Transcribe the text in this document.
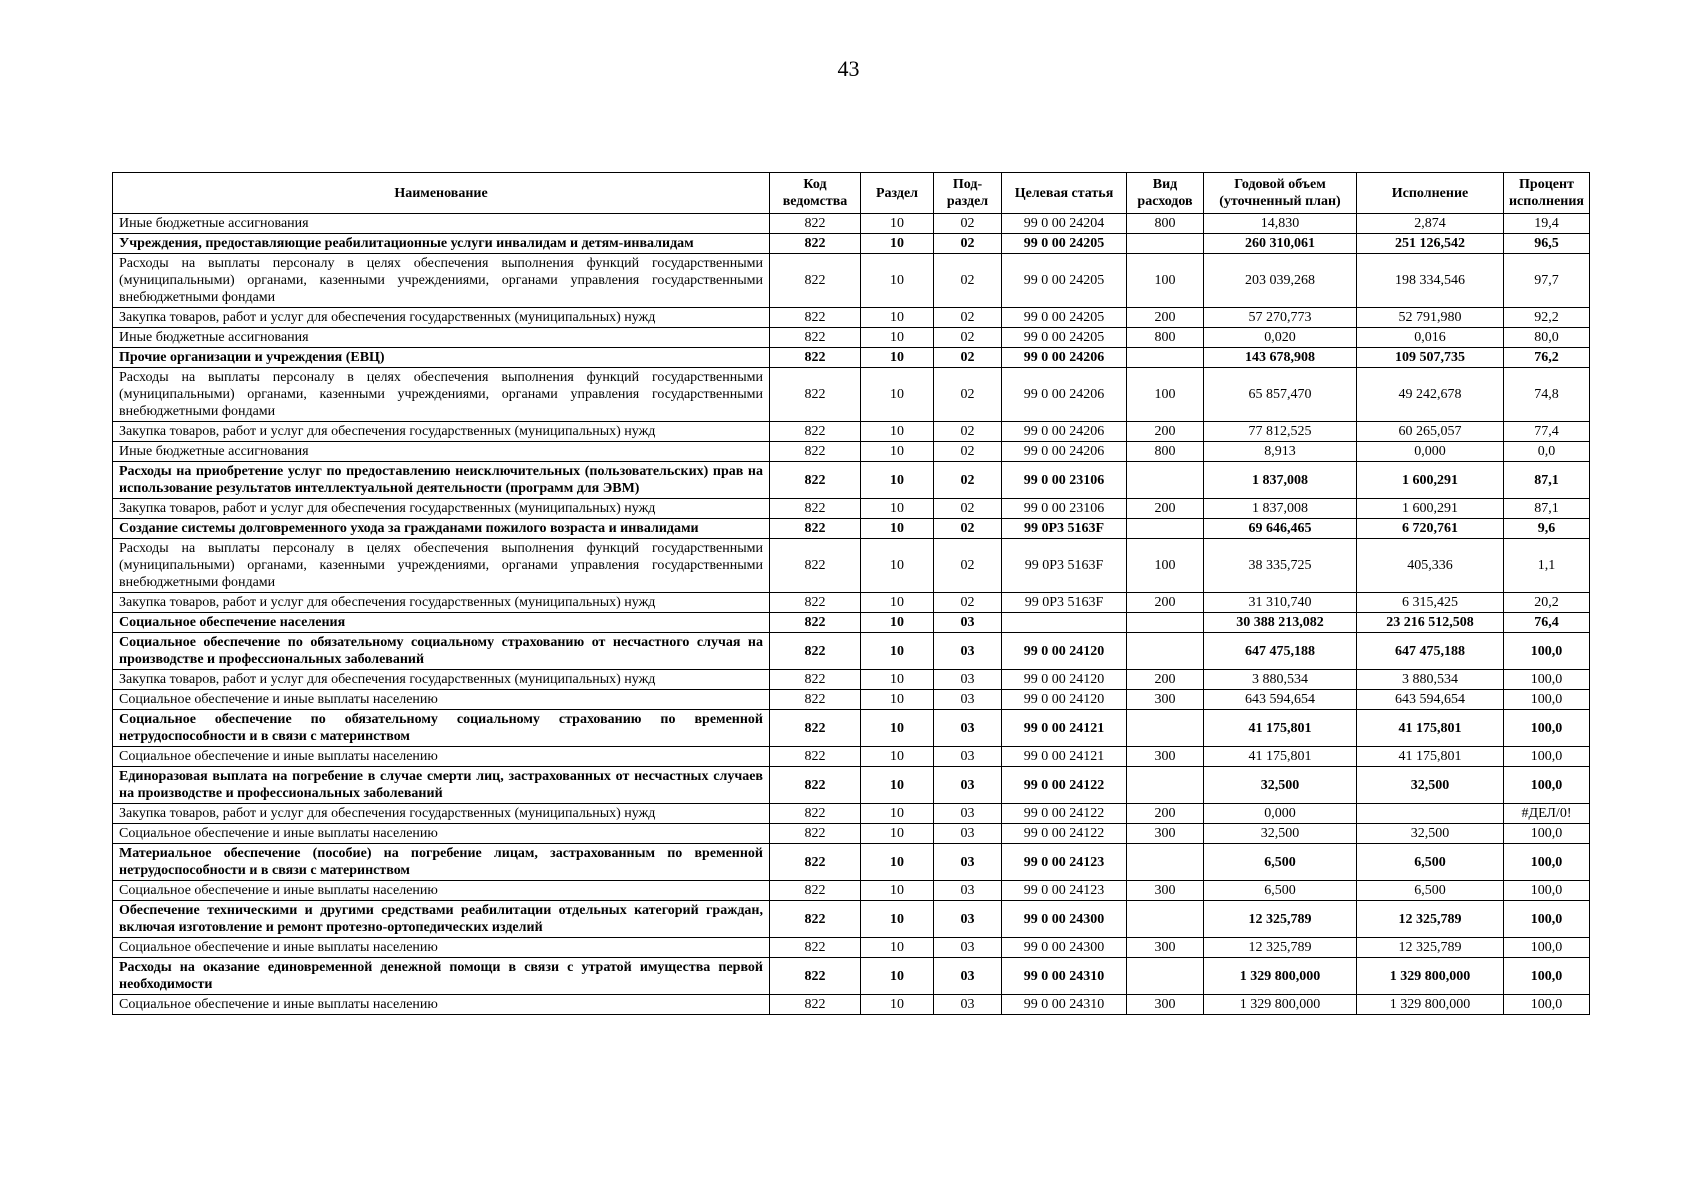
43
Наименование	Код ведомства	Раздел	Под-раздел	Целевая статья	Вид расходов	Годовой объем (уточненный план)	Исполнение	Процент исполнения
Иные бюджетные ассигнования	822	10	02	99 0 00 24204	800	14,830	2,874	19,4
Учреждения, предоставляющие реабилитационные услуги инвалидам и детям-инвалидам	822	10	02	99 0 00 24205		260 310,061	251 126,542	96,5
Расходы на выплаты персоналу в целях обеспечения выполнения функций государственными (муниципальными) органами, казенными учреждениями, органами управления государственными внебюджетными фондами	822	10	02	99 0 00 24205	100	203 039,268	198 334,546	97,7
Закупка товаров, работ и услуг для обеспечения государственных (муниципальных) нужд	822	10	02	99 0 00 24205	200	57 270,773	52 791,980	92,2
Иные бюджетные ассигнования	822	10	02	99 0 00 24205	800	0,020	0,016	80,0
Прочие организации и учреждения (ЕВЦ)	822	10	02	99 0 00 24206		143 678,908	109 507,735	76,2
Расходы на выплаты персоналу в целях обеспечения выполнения функций государственными (муниципальными) органами, казенными учреждениями, органами управления государственными внебюджетными фондами	822	10	02	99 0 00 24206	100	65 857,470	49 242,678	74,8
Закупка товаров, работ и услуг для обеспечения государственных (муниципальных) нужд	822	10	02	99 0 00 24206	200	77 812,525	60 265,057	77,4
Иные бюджетные ассигнования	822	10	02	99 0 00 24206	800	8,913	0,000	0,0
Расходы на приобретение услуг по предоставлению неисключительных (пользовательских) прав на использование результатов интеллектуальной деятельности (программ для ЭВМ)	822	10	02	99 0 00 23106		1 837,008	1 600,291	87,1
Закупка товаров, работ и услуг для обеспечения государственных (муниципальных) нужд	822	10	02	99 0 00 23106	200	1 837,008	1 600,291	87,1
Создание системы долговременного ухода за гражданами пожилого возраста и инвалидами	822	10	02	99 0P3 5163F		69 646,465	6 720,761	9,6
Расходы на выплаты персоналу в целях обеспечения выполнения функций государственными (муниципальными) органами, казенными учреждениями, органами управления государственными внебюджетными фондами	822	10	02	99 0P3 5163F	100	38 335,725	405,336	1,1
Закупка товаров, работ и услуг для обеспечения государственных (муниципальных) нужд	822	10	02	99 0P3 5163F	200	31 310,740	6 315,425	20,2
Социальное обеспечение населения	822	10	03			30 388 213,082	23 216 512,508	76,4
Социальное обеспечение по обязательному социальному страхованию от несчастного случая на производстве и профессиональных заболеваний	822	10	03	99 0 00 24120		647 475,188	647 475,188	100,0
Закупка товаров, работ и услуг для обеспечения государственных (муниципальных) нужд	822	10	03	99 0 00 24120	200	3 880,534	3 880,534	100,0
Социальное обеспечение и иные выплаты населению	822	10	03	99 0 00 24120	300	643 594,654	643 594,654	100,0
Социальное обеспечение по обязательному социальному страхованию по временной нетрудоспособности и в связи с материнством	822	10	03	99 0 00 24121		41 175,801	41 175,801	100,0
Социальное обеспечение и иные выплаты населению	822	10	03	99 0 00 24121	300	41 175,801	41 175,801	100,0
Единоразовая выплата на погребение в случае смерти лиц, застрахованных от несчастных случаев на производстве и профессиональных заболеваний	822	10	03	99 0 00 24122		32,500	32,500	100,0
Закупка товаров, работ и услуг для обеспечения государственных (муниципальных) нужд	822	10	03	99 0 00 24122	200	0,000		#ДЕЛ/0!
Социальное обеспечение и иные выплаты населению	822	10	03	99 0 00 24122	300	32,500	32,500	100,0
Материальное обеспечение (пособие) на погребение лицам, застрахованным по временной нетрудоспособности и в связи с материнством	822	10	03	99 0 00 24123		6,500	6,500	100,0
Социальное обеспечение и иные выплаты населению	822	10	03	99 0 00 24123	300	6,500	6,500	100,0
Обеспечение техническими и другими средствами реабилитации отдельных категорий граждан, включая изготовление и ремонт протезно-ортопедических изделий	822	10	03	99 0 00 24300		12 325,789	12 325,789	100,0
Социальное обеспечение и иные выплаты населению	822	10	03	99 0 00 24300	300	12 325,789	12 325,789	100,0
Расходы на оказание единовременной денежной помощи в связи с утратой имущества первой необходимости	822	10	03	99 0 00 24310		1 329 800,000	1 329 800,000	100,0
Социальное обеспечение и иные выплаты населению	822	10	03	99 0 00 24310	300	1 329 800,000	1 329 800,000	100,0
